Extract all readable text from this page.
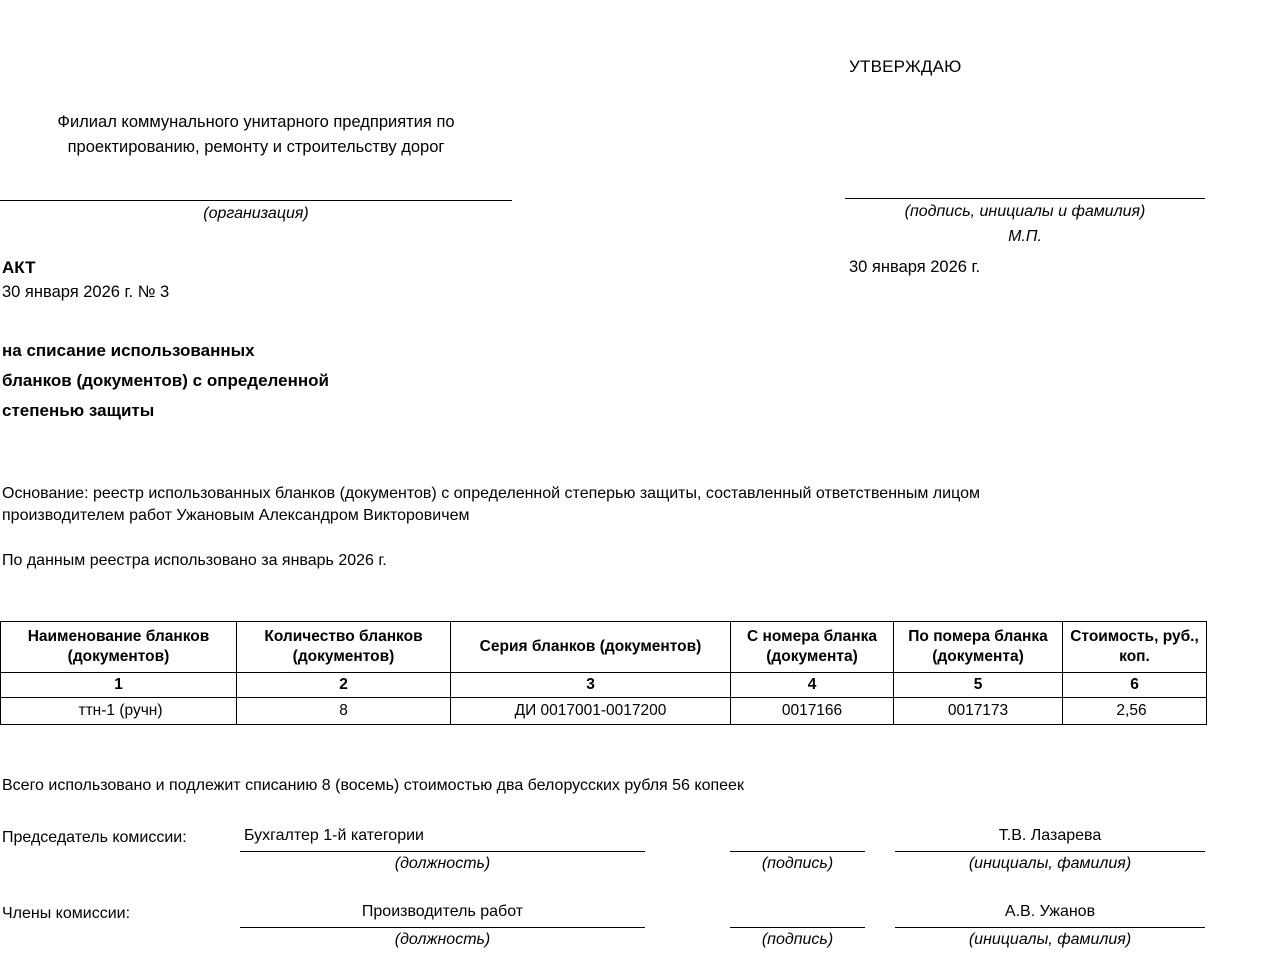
УТВЕРЖДАЮ
Филиал коммунального унитарного предприятия по проектированию, ремонту и строительству дорог
(организация)	(подпись, инициалы и фамилия)
М.П.
30 января 2026 г.
АКТ
30 января 2026 г. № 3
на списание использованных
бланков (документов) с определенной
степенью защиты
Основание: реестр использованных бланков (документов) с определенной степерью защиты, составленный ответственным лицом
производителем работ Ужановым Александром Викторовичем
По данным реестра использовано за январь 2026 г.
Наименование бланков (документов)	Количество бланков (документов)	Серия бланков (документов)	С номера бланка (документа)	По помера бланка (документа)	Стоимость, руб., коп.
1	2	3	4	5	6
ттн-1 (ручн)	8	ДИ 0017001-0017200	0017166	0017173	2,56
Всего использовано и подлежит списанию 8 (восемь) стоимостью два белорусских рубля 56 копеек
Председатель комиссии:	Бухгалтер 1-й категории
(должность)	(подпись)
Т.В. Лазарева
(инициалы, фамилия)
Члены комиссии:	Производитель работ
(должность)	(подпись)
А.В. Ужанов
(инициалы, фамилия)
